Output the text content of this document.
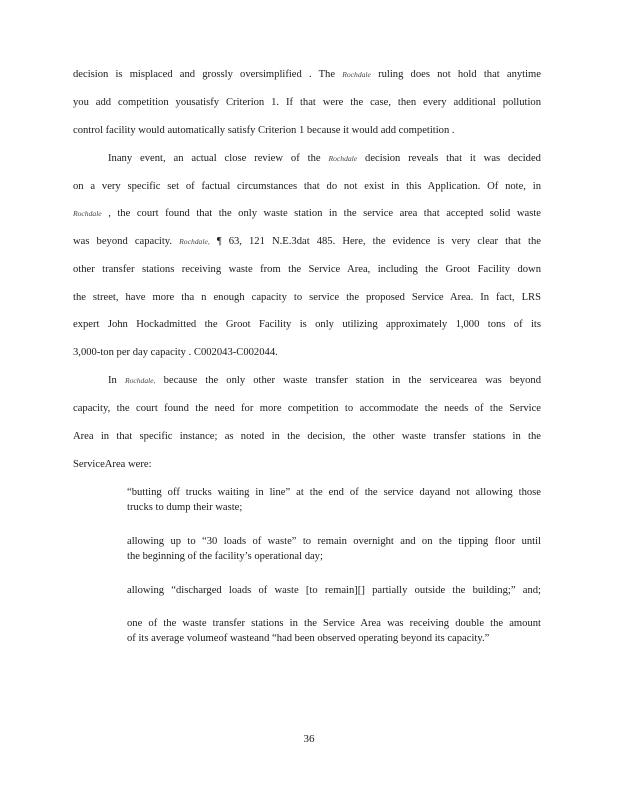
decision is misplaced and grossly oversimplified . The Rochdale ruling does not hold that anytime
you add competition yousatisfy Criterion 1. If that were the case, then every additional pollution
control facility would automatically satisfy Criterion 1 because it would add competition .
Inany event, an actual close review of the Rochdale decision reveals that it was decided
on a very specific set of factual circumstances that do not exist in this Application. Of note, in
Rochdale , the court found that the only waste station in the service area that accepted solid waste
was beyond capacity. Rochdale, ¶ 63, 121 N.E.3dat 485. Here, the evidence is very clear that the
other transfer stations receiving waste from the Service Area, including the Groot Facility down
the street, have more tha n enough capacity to service the proposed Service Area. In fact, LRS
expert John Hockadmitted the Groot Facility is only utilizing approximately 1,000 tons of its
3,000-ton per day capacity . C002043-C002044.
In Rochdale, because the only other waste transfer station in the servicearea was beyond
capacity, the court found the need for more competition to accommodate the needs of the Service
Area in that specific instance; as noted in the decision, the other waste transfer stations in the
ServiceArea were:
“butting off trucks waiting in line” at the end of the service dayand not allowing those
trucks to dump their waste;
allowing up to “30 loads of waste” to remain overnight and on the tipping floor until
the beginning of the facility’s operational day;
allowing “discharged loads of waste [to remain][] partially outside the building;” and;
one of the waste transfer stations in the Service Area was receiving double the amount
of its average volumeof wasteand “had been observed operating beyond its capacity.”
36
